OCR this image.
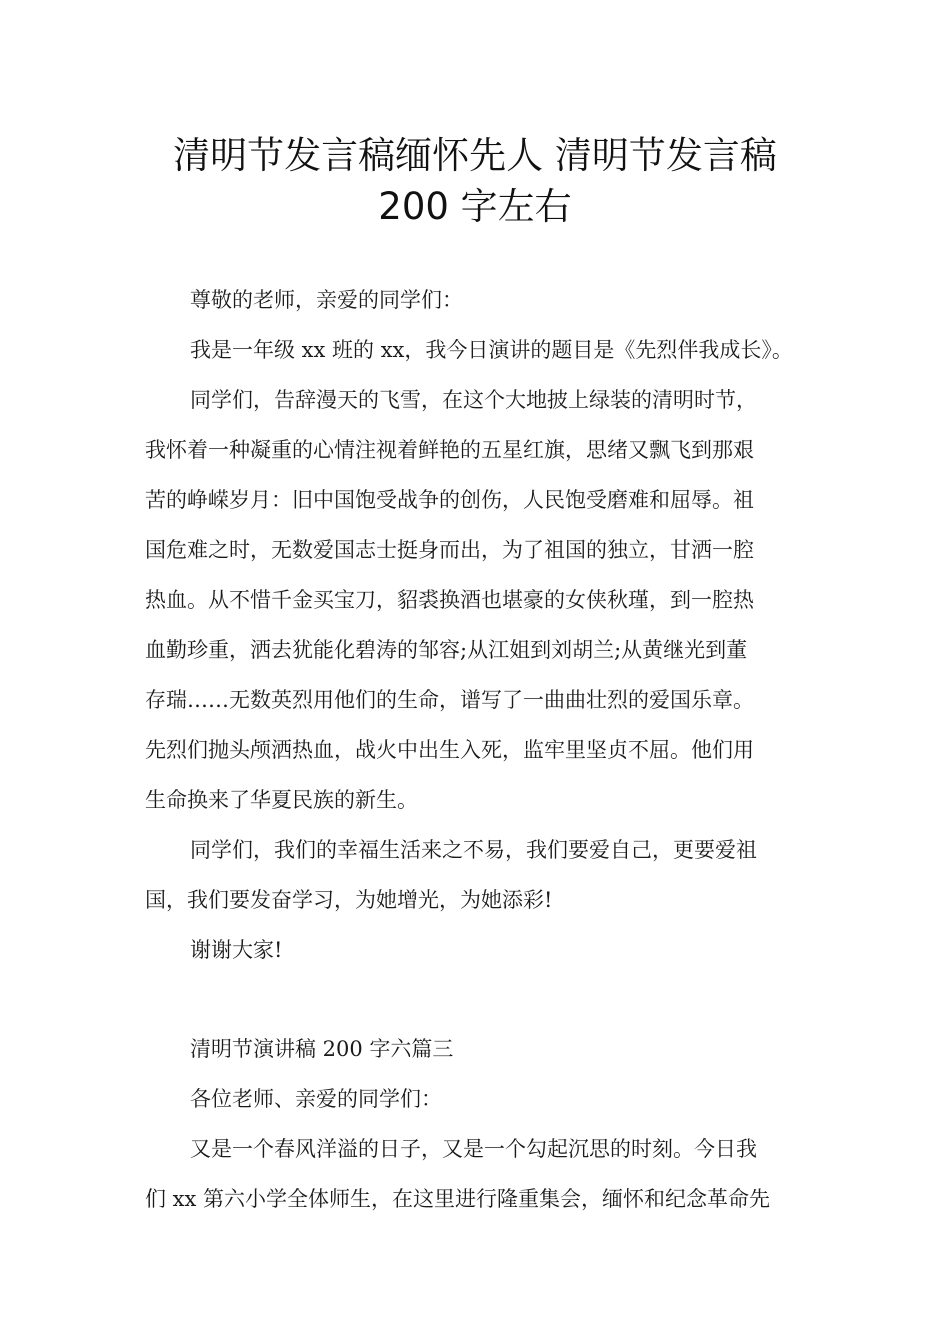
清明节发言稿缅怀先人 清明节发言稿
200 字左右
尊敬的老师，亲爱的同学们：
我是一年级 xx 班的 xx，我今日演讲的题目是《先烈伴我成长》。
同学们，告辞漫天的飞雪，在这个大地披上绿装的清明时节，
我怀着一种凝重的心情注视着鲜艳的五星红旗，思绪又飘飞到那艰
苦的峥嵘岁月：旧中国饱受战争的创伤，人民饱受磨难和屈辱。祖
国危难之时，无数爱国志士挺身而出，为了祖国的独立，甘洒一腔
热血。从不惜千金买宝刀，貂裘换酒也堪豪的女侠秋瑾，到一腔热
血勤珍重，洒去犹能化碧涛的邹容;从江姐到刘胡兰;从黄继光到董
存瑞……无数英烈用他们的生命，谱写了一曲曲壮烈的爱国乐章。
先烈们抛头颅洒热血，战火中出生入死，监牢里坚贞不屈。他们用
生命换来了华夏民族的新生。
同学们，我们的幸福生活来之不易，我们要爱自己，更要爱祖
国，我们要发奋学习，为她增光，为她添彩!
谢谢大家!
清明节演讲稿 200 字六篇三
各位老师、亲爱的同学们：
又是一个春风洋溢的日子，又是一个勾起沉思的时刻。今日我
们 xx 第六小学全体师生，在这里进行隆重集会，缅怀和纪念革命先
